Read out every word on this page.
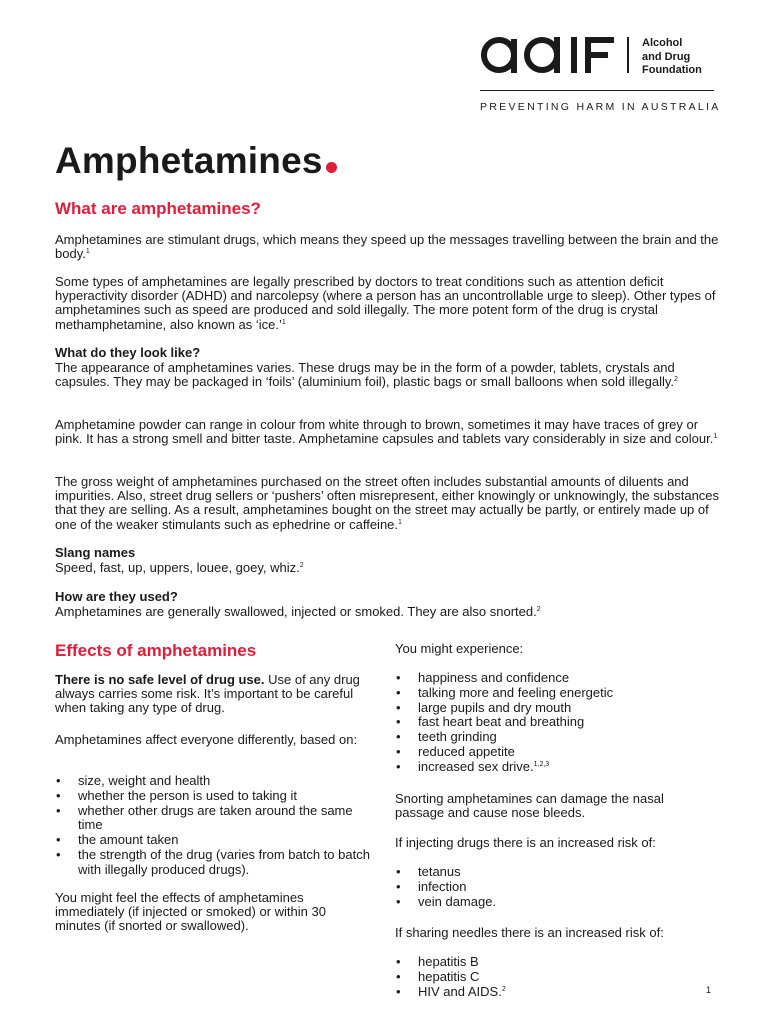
Alcohol
and Drug
Foundation
PREVENTING HARM IN AUSTRALIA
Amphetamines
What are amphetamines?

Amphetamines are stimulant drugs, which means they speed up the messages travelling between the brain and the body.$^1$

Some types of amphetamines are legally prescribed by doctors to treat conditions such as attention deficit hyperactivity disorder (ADHD) and narcolepsy (where a person has an uncontrollable urge to sleep). Other types of amphetamines such as speed are produced and sold illegally. The more potent form of the drug is crystal methamphetamine, also known as ‘ice.’$^1$

What do they look like?

The appearance of amphetamines varies. These drugs may be in the form of a powder, tablets, crystals and capsules. They may be packaged in ‘foils’ (aluminium foil), plastic bags or small balloons when sold illegally.$^2$

Amphetamine powder can range in colour from white through to brown, sometimes it may have traces of grey or pink. It has a strong smell and bitter taste. Amphetamine capsules and tablets vary considerably in size and colour.$^1$

The gross weight of amphetamines purchased on the street often includes substantial amounts of diluents and impurities. Also, street drug sellers or ‘pushers’ often misrepresent, either knowingly or unknowingly, the substances that they are selling. As a result, amphetamines bought on the street may actually be partly, or entirely made up of one of the weaker stimulants such as ephedrine or caffeine.$^1$

Slang names

Speed, fast, up, uppers, louee, goey, whiz.$^2$

How are they used?

Amphetamines are generally swallowed, injected or smoked. They are also snorted.$^2$

Effects of amphetamines

There is no safe level of drug use. Use of any drug always carries some risk. It’s important to be careful when taking any type of drug.

Amphetamines affect everyone differently, based on:

• size, weight and health
• whether the person is used to taking it
• whether other drugs are taken around the same time
• the amount taken
• the strength of the drug (varies from batch to batch with illegally produced drugs).

You might feel the effects of amphetamines immediately (if injected or smoked) or within 30 minutes (if snorted or swallowed).

You might experience:

• happiness and confidence
• talking more and feeling energetic
• large pupils and dry mouth
• fast heart beat and breathing
• teeth grinding
• reduced appetite
• increased sex drive.$^{1,2,3}$

Snorting amphetamines can damage the nasal passage and cause nose bleeds.

If injecting drugs there is an increased risk of:

• tetanus
• infection
• vein damage.

If sharing needles there is an increased risk of:

• hepatitis B
• hepatitis C
• HIV and AIDS.$^2$	1
